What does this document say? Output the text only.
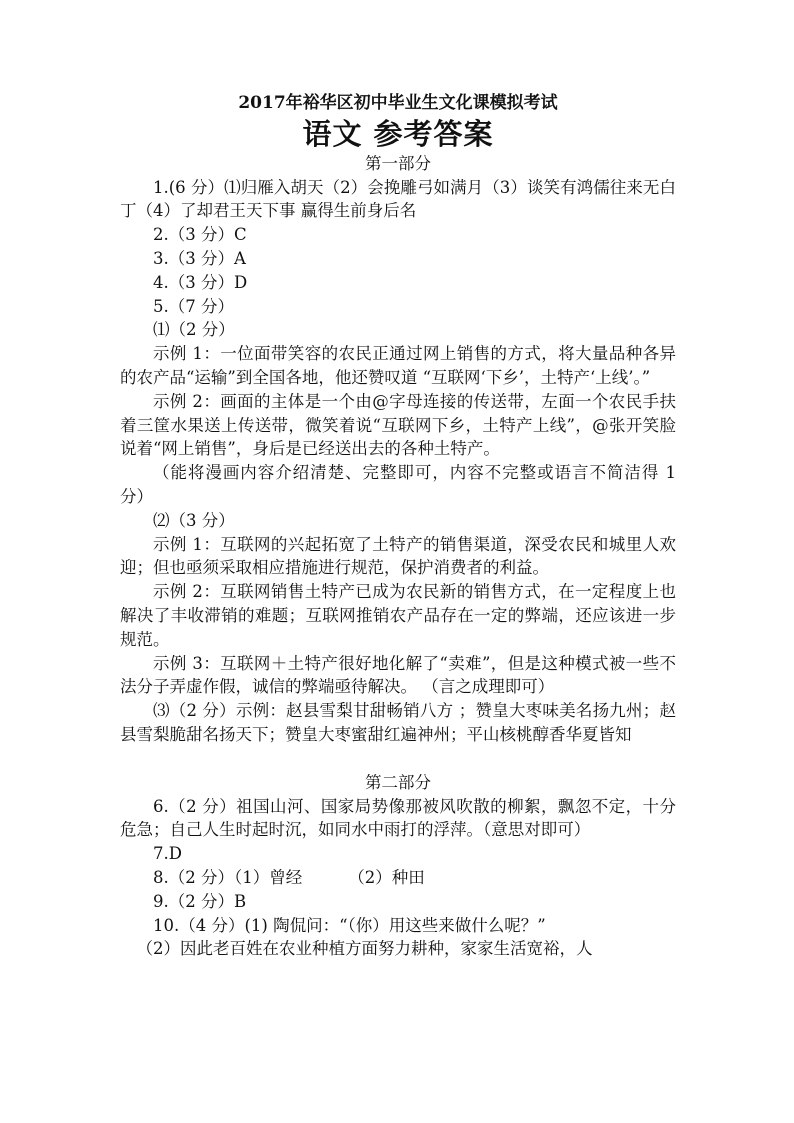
2017年裕华区初中毕业生文化课模拟考试
语文 参考答案
第一部分

1.(6 分）⑴归雁入胡天（2）会挽雕弓如满月（3）谈笑有鸿儒往来无白丁（4）了却君王天下事 赢得生前身后名

2.（3 分）C

3.（3 分）A

4.（3 分）D

5.（7 分）

⑴（2 分）

示例 1：一位面带笑容的农民正通过网上销售的方式，将大量品种各异的农产品“运输”到全国各地，他还赞叹道 “互联网‘下乡’，土特产‘上线’。”

示例 2：画面的主体是一个由@字母连接的传送带，左面一个农民手扶着三筐水果送上传送带，微笑着说“互联网下乡，土特产上线”，@张开笑脸说着“网上销售”，身后是已经送出去的各种土特产。

（能将漫画内容介绍清楚、完整即可，内容不完整或语言不简洁得 1 分）

⑵（3 分）

示例 1：互联网的兴起拓宽了土特产的销售渠道，深受农民和城里人欢迎；但也亟须采取相应措施进行规范，保护消费者的利益。

示例 2：互联网销售土特产已成为农民新的销售方式，在一定程度上也解决了丰收滞销的难题；互联网推销农产品存在一定的弊端，还应该进一步规范。

示例 3：互联网＋土特产很好地化解了“卖难”，但是这种模式被一些不法分子弄虚作假，诚信的弊端亟待解决。 （言之成理即可）

⑶（2 分）示例：赵县雪梨甘甜畅销八方 ；赞皇大枣味美名扬九州；赵县雪梨脆甜名扬天下；赞皇大枣蜜甜红遍神州；平山核桃醇香华夏皆知

第二部分

6.（2 分）祖国山河、国家局势像那被风吹散的柳絮，飘忽不定，十分危急；自己人生时起时沉，如同水中雨打的浮萍。（意思对即可）

7.D

8.（2 分）（1）曾经	（2）种田

9.（2 分）B

10.（4 分）(1) 陶侃问：“（你）用这些来做什么呢？”

（2）因此老百姓在农业种植方面努力耕种，家家生活宽裕，人
